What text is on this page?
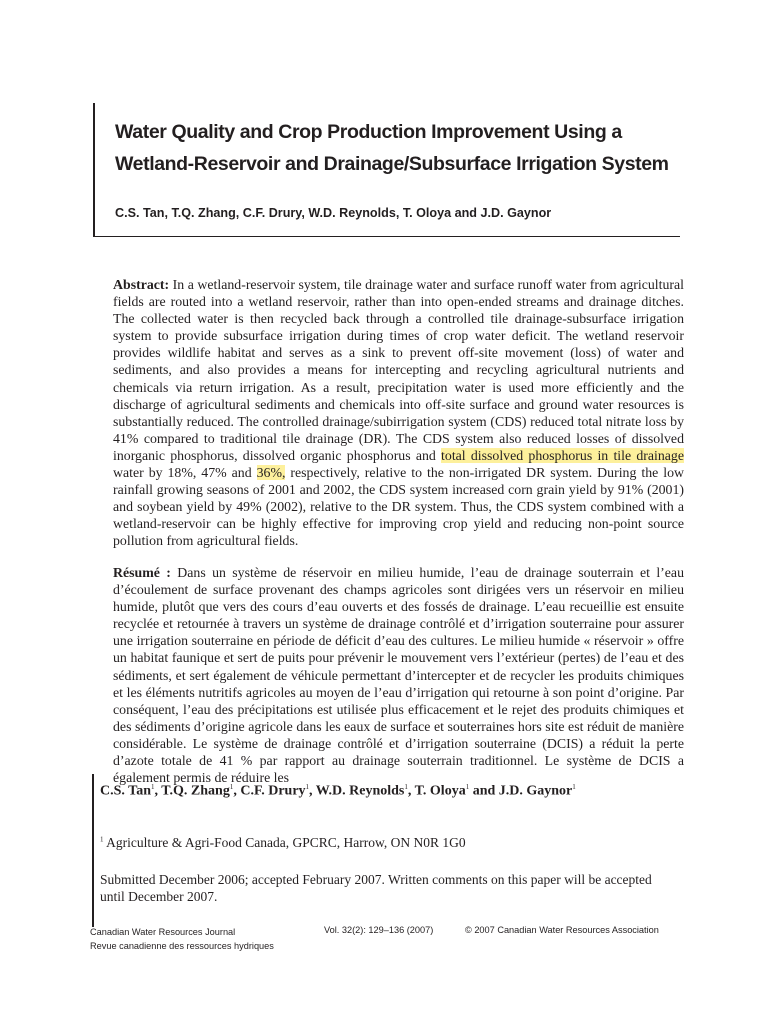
Water Quality and Crop Production Improvement Using a Wetland-Reservoir and Drainage/Subsurface Irrigation System

C.S. Tan, T.Q. Zhang, C.F. Drury, W.D. Reynolds, T. Oloya and J.D. Gaynor

Abstract: In a wetland-reservoir system, tile drainage water and surface runoff water from agricultural fields are routed into a wetland reservoir, rather than into open-ended streams and drainage ditches. The collected water is then recycled back through a controlled tile drainage-subsurface irrigation system to provide subsurface irrigation during times of crop water deficit. The wetland reservoir provides wildlife habitat and serves as a sink to prevent off-site movement (loss) of water and sediments, and also provides a means for intercepting and recycling agricultural nutrients and chemicals via return irrigation. As a result, precipitation water is used more efficiently and the discharge of agricultural sediments and chemicals into off-site surface and ground water resources is substantially reduced. The controlled drainage/subirrigation system (CDS) reduced total nitrate loss by 41% compared to traditional tile drainage (DR). The CDS system also reduced losses of dissolved inorganic phosphorus, dissolved organic phosphorus and total dissolved phosphorus in tile drainage water by 18%, 47% and 36%, respectively, relative to the non-irrigated DR system. During the low rainfall growing seasons of 2001 and 2002, the CDS system increased corn grain yield by 91% (2001) and soybean yield by 49% (2002), relative to the DR system. Thus, the CDS system combined with a wetland-reservoir can be highly effective for improving crop yield and reducing non-point source pollution from agricultural fields.

Résumé : Dans un système de réservoir en milieu humide, l’eau de drainage souterrain et l’eau d’écoulement de surface provenant des champs agricoles sont dirigées vers un réservoir en milieu humide, plutôt que vers des cours d’eau ouverts et des fossés de drainage. L’eau recueillie est ensuite recyclée et retournée à travers un système de drainage contrôlé et d’irrigation souterraine pour assurer une irrigation souterraine en période de déficit d’eau des cultures. Le milieu humide « réservoir » offre un habitat faunique et sert de puits pour prévenir le mouvement vers l’extérieur (pertes) de l’eau et des sédiments, et sert également de véhicule permettant d’intercepter et de recycler les produits chimiques et les éléments nutritifs agricoles au moyen de l’eau d’irrigation qui retourne à son point d’origine. Par conséquent, l’eau des précipitations est utilisée plus efficacement et le rejet des produits chimiques et des sédiments d’origine agricole dans les eaux de surface et souterraines hors site est réduit de manière considérable. Le système de drainage contrôlé et d’irrigation souterraine (DCIS) a réduit la perte d’azote totale de 41 % par rapport au drainage souterrain traditionnel. Le système de DCIS a également permis de réduire les

C.S. Tan$^1$, T.Q. Zhang$^1$, C.F. Drury$^1$, W.D. Reynolds$^1$, T. Oloya$^1$ and J.D. Gaynor$^1$

$^1$ Agriculture & Agri-Food Canada, GPCRC, Harrow, ON N0R 1G0

Submitted December 2006; accepted February 2007. Written comments on this paper will be accepted until December 2007.

Canadian Water Resources Journal
Revue canadienne des ressources hydriques
Vol. 32(2): 129–136 (2007)	© 2007 Canadian Water Resources Association
